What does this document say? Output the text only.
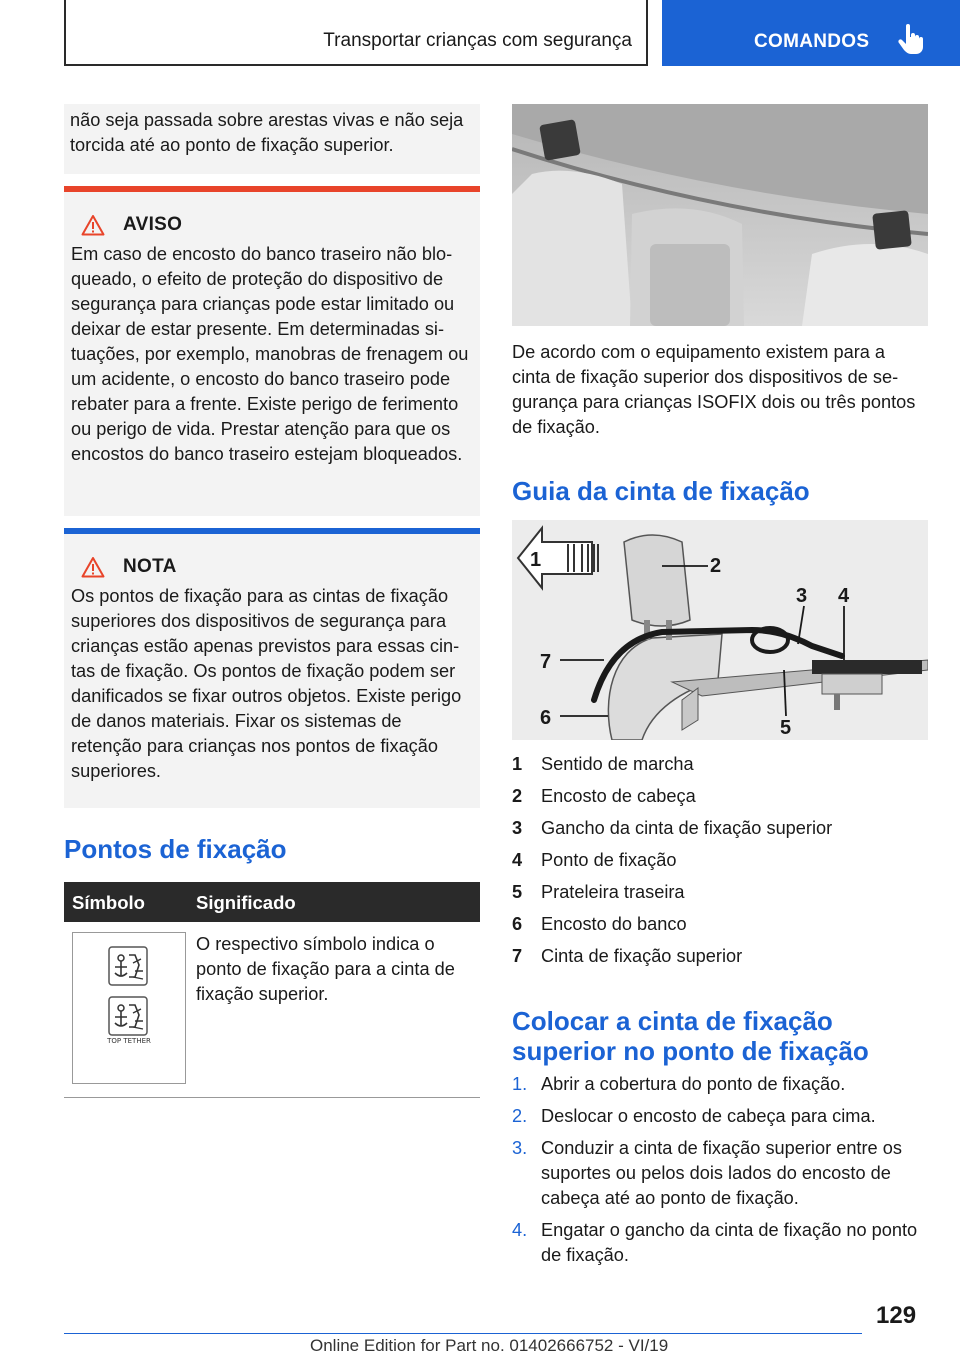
Transportar crianças com segurança	COMANDOS

não seja passada sobre arestas vivas e não seja torcida até ao ponto de fixação superior.

AVISO

Em caso de encosto do banco traseiro não bloqueado, o efeito de proteção do dispositivo de segurança para crianças pode estar limitado ou deixar de estar presente. Em determinadas situações, por exemplo, manobras de frenagem ou um acidente, o encosto do banco traseiro pode rebater para a frente. Existe perigo de ferimento ou perigo de vida. Prestar atenção para que os encostos do banco traseiro estejam bloqueados.

NOTA

Os pontos de fixação para as cintas de fixação superiores dos dispositivos de segurança para crianças estão apenas previstos para essas cintas de fixação. Os pontos de fixação podem ser danificados se fixar outros objetos. Existe perigo de danos materiais. Fixar os sistemas de retenção para crianças nos pontos de fixação superiores.

Pontos de fixação
Símbolo	Significado
TOP TETHER

O respectivo símbolo indica o ponto de fixação para a cinta de fixação superior.

De acordo com o equipamento existem para a cinta de fixação superior dos dispositivos de segurança para crianças ISOFIX dois ou três pontos de fixação.

Guia da cinta de fixação
1	2
3 4
5
6
7
1 Sentido de marcha
2 Encosto de cabeça
3 Gancho da cinta de fixação superior
4 Ponto de fixação
5 Prateleira traseira
6 Encosto do banco
7 Cinta de fixação superior
Colocar a cinta de fixação
superior no ponto de fixação
1. Abrir a cobertura do ponto de fixação.
2. Deslocar o encosto de cabeça para cima.
3. Conduzir a cinta de fixação superior entre os suportes ou pelos dois lados do encosto de cabeça até ao ponto de fixação.
4. Engatar o gancho da cinta de fixação no ponto de fixação.
129
Online Edition for Part no. 01402666752 - VI/19
